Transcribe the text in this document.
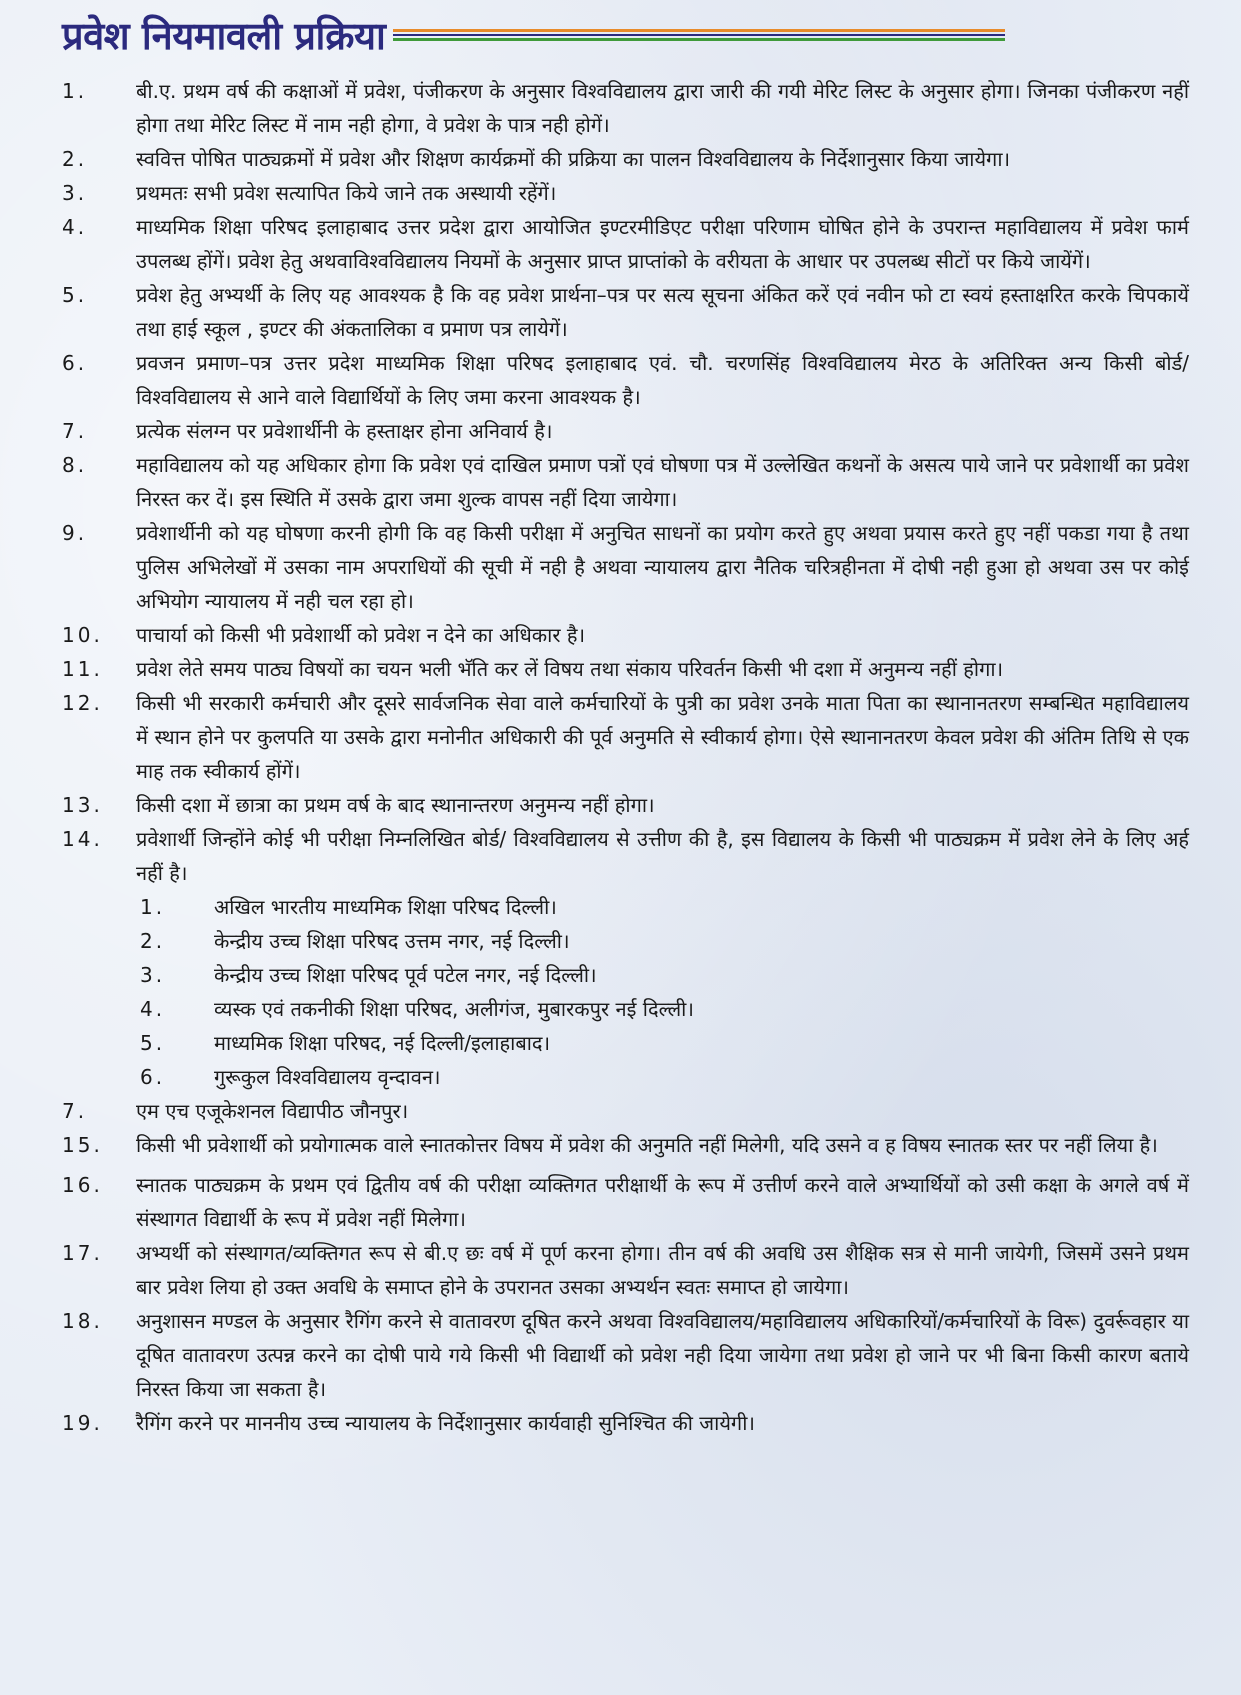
प्रवेश नियमावली प्रक्रिया
1.	बी.ए. प्रथम वर्ष की कक्षाओं में प्रवेश, पंजीकरण के अनुसार विश्वविद्यालय द्वारा जारी की गयी मेरिट लिस्ट के अनुसार होगा। जिनका पंजीकरण नहीं होगा तथा मेरिट लिस्ट में नाम नही होगा, वे प्रवेश के पात्र नही होगें।
2.	स्ववित्त पोषित पाठ्यक्रमों में प्रवेश और शिक्षण कार्यक्रमों की प्रक्रिया का पालन विश्वविद्यालय के निर्देशानुसार किया जायेगा।
3.	प्रथमतः सभी प्रवेश सत्यापित किये जाने तक अस्थायी रहेंगें।
4.	माध्यमिक शिक्षा परिषद इलाहाबाद उत्तर प्रदेश द्वारा आयोजित इण्टरमीडिएट परीक्षा परिणाम घोषित होने के उपरान्त महाविद्यालय में प्रवेश फार्म उपलब्ध होंगें। प्रवेश हेतु अथवाविश्वविद्यालय नियमों के अनुसार प्राप्त प्राप्तांको के वरीयता के आधार पर उपलब्ध सीटों पर किये जायेंगें।
5.	प्रवेश हेतु अभ्यर्थी के लिए यह आवश्यक है कि वह प्रवेश प्रार्थना–पत्र पर सत्य सूचना अंकित करें एवं नवीन फो टा स्वयं हस्ताक्षरित करके चिपकायें तथा हाई स्कूल , इण्टर की अंकतालिका व प्रमाण पत्र लायेगें।
6.	प्रवजन प्रमाण–पत्र उत्तर प्रदेश माध्यमिक शिक्षा परिषद इलाहाबाद एवं. चौ. चरणसिंह विश्वविद्यालय मेरठ के अतिरिक्त अन्य किसी बोर्ड/विश्वविद्यालय से आने वाले विद्यार्थियों के लिए जमा करना आवश्यक है।
7.	प्रत्येक संलग्न पर प्रवेशार्थीनी के हस्ताक्षर होना अनिवार्य है।
8.	महाविद्यालय को यह अधिकार होगा कि प्रवेश एवं दाखिल प्रमाण पत्रों एवं घोषणा पत्र में उल्लेखित कथनों के असत्य पाये जाने पर प्रवेशार्थी का प्रवेश निरस्त कर दें। इस स्थिति में उसके द्वारा जमा शुल्क वापस नहीं दिया जायेगा।
9.	प्रवेशार्थीनी को यह घोषणा करनी होगी कि वह किसी परीक्षा में अनुचित साधनों का प्रयोग करते हुए अथवा प्रयास करते हुए नहीं पकडा गया है तथा पुलिस अभिलेखों में उसका नाम अपराधियों की सूची में नही है अथवा न्यायालय द्वारा नैतिक चरित्रहीनता में दोषी नही हुआ हो अथवा उस पर कोई अभियोग न्यायालय में नही चल रहा हो।
10.	पाचार्या को किसी भी प्रवेशार्थी को प्रवेश न देने का अधिकार है।
11.	प्रवेश लेते समय पाठ्य विषयों का चयन भली भॅति कर लें विषय तथा संकाय परिवर्तन किसी भी दशा में अनुमन्य नहीं होगा।
12.	किसी भी सरकारी कर्मचारी और दूसरे सार्वजनिक सेवा वाले कर्मचारियों के पुत्री का प्रवेश उनके माता पिता का स्थानानतरण सम्बन्धित महाविद्यालय में स्थान होने पर कुलपति या उसके द्वारा मनोनीत अधिकारी की पूर्व अनुमति से स्वीकार्य होगा। ऐसे स्थानानतरण केवल प्रवेश की अंतिम तिथि से एक माह तक स्वीकार्य होंगें।
13.	किसी दशा में छात्रा का प्रथम वर्ष के बाद स्थानान्तरण अनुमन्य नहीं होगा।
14.	प्रवेशार्थी जिन्होंने कोई भी परीक्षा निम्नलिखित बोर्ड/ विश्वविद्यालय से उत्तीण की है, इस विद्यालय के किसी भी पाठ्यक्रम में प्रवेश लेने के लिए अर्ह नहीं है।
1.	अखिल भारतीय माध्यमिक शिक्षा परिषद दिल्ली।
2.	केन्द्रीय उच्च शिक्षा परिषद उत्तम नगर, नई दिल्ली।
3.	केन्द्रीय उच्च शिक्षा परिषद पूर्व पटेल नगर, नई दिल्ली।
4.	व्यस्क एवं तकनीकी शिक्षा परिषद, अलीगंज, मुबारकपुर नई दिल्ली।
5.	माध्यमिक शिक्षा परिषद, नई दिल्ली/इलाहाबाद।
6.	गुरूकुल विश्वविद्यालय वृन्दावन।
7.	एम एच एजूकेशनल विद्यापीठ जौनपुर।
15.	किसी भी प्रवेशार्थी को प्रयोगात्मक वाले स्नातकोत्तर विषय में प्रवेश की अनुमति नहीं मिलेगी, यदि उसने व ह विषय स्नातक स्तर पर नहीं लिया है।
16.	स्नातक पाठ्यक्रम के प्रथम एवं द्वितीय वर्ष की परीक्षा व्यक्तिगत परीक्षार्थी के रूप में उत्तीर्ण करने वाले अभ्यार्थियों को उसी कक्षा के अगले वर्ष में संस्थागत विद्यार्थी के रूप में प्रवेश नहीं मिलेगा।
17.	अभ्यर्थी को संस्थागत/व्यक्तिगत रूप से बी.ए छः वर्ष में पूर्ण करना होगा। तीन वर्ष की अवधि उस शैक्षिक सत्र से मानी जायेगी, जिसमें उसने प्रथम बार प्रवेश लिया हो उक्त अवधि के समाप्त होने के उपरानत उसका अभ्यर्थन स्वतः समाप्त हो जायेगा।
18.	अनुशासन मण्डल के अनुसार रैगिंग करने से वातावरण दूषित करने अथवा विश्वविद्यालय/महाविद्यालय अधिकारियों/कर्मचारियों के विरू) दुवर्रूवहार या दूषित वातावरण उत्पन्न करने का दोषी पाये गये किसी भी विद्यार्थी को प्रवेश नही दिया जायेगा तथा प्रवेश हो जाने पर भी बिना किसी कारण बताये निरस्त किया जा सकता है।
19.	रैगिंग करने पर माननीय उच्च न्यायालय के निर्देशानुसार कार्यवाही सुनिश्चित की जायेगी।
